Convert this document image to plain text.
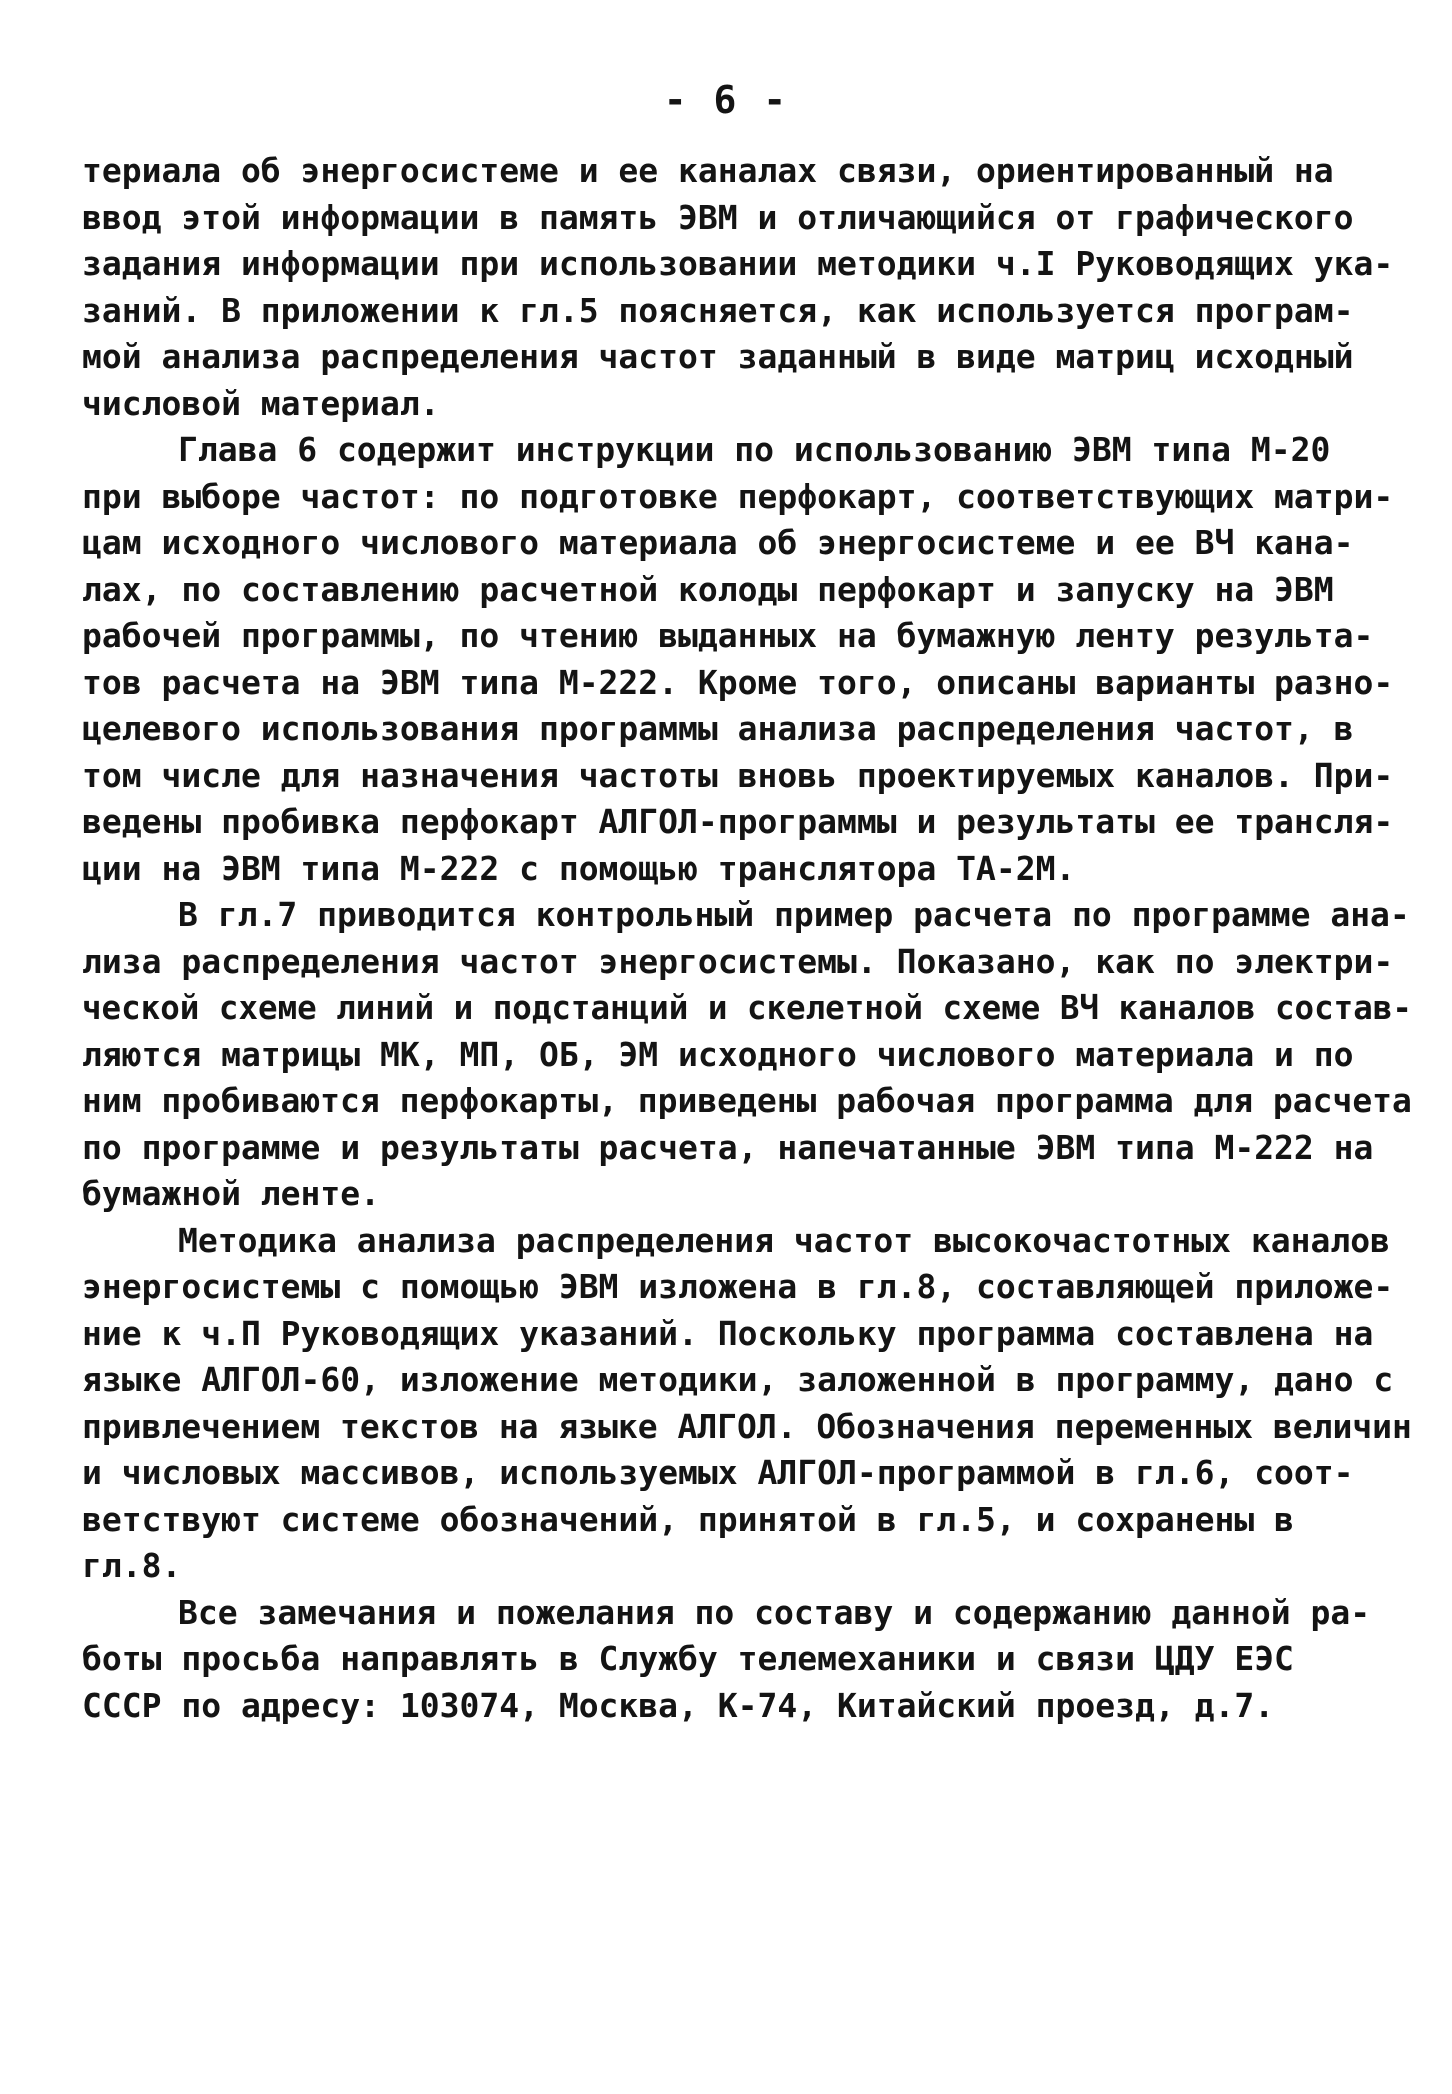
- 6 -
териала об энергосистеме и ее каналах связи, ориентированный на
ввод этой информации в память ЭВМ и отличающийся от графического
задания информации при использовании методики ч.I Руководящих ука-
заний. В приложении к гл.5 поясняется, как используется програм-
мой анализа распределения частот заданный в виде матриц исходный
числовой материал.
Глава 6 содержит инструкции по использованию ЭВМ типа М-20
при выборе частот: по подготовке перфокарт, соответствующих матри-
цам исходного числового материала об энергосистеме и ее ВЧ кана-
лах, по составлению расчетной колоды перфокарт и запуску на ЭВМ
рабочей программы, по чтению выданных на бумажную ленту результа-
тов расчета на ЭВМ типа М-222. Кроме того, описаны варианты разно-
целевого использования программы анализа распределения частот, в
том числе для назначения частоты вновь проектируемых каналов. При-
ведены пробивка перфокарт АЛГОЛ-программы и результаты ее трансля-
ции на ЭВМ типа М-222 с помощью транслятора ТА-2М.
В гл.7 приводится контрольный пример расчета по программе ана-
лиза распределения частот энергосистемы. Показано, как по электри-
ческой схеме линий и подстанций и скелетной схеме ВЧ каналов состав-
ляются матрицы МК, МП, ОБ, ЭМ исходного числового материала и по
ним пробиваются перфокарты, приведены рабочая программа для расчета
по программе и результаты расчета, напечатанные ЭВМ типа М-222 на
бумажной ленте.
Методика анализа распределения частот высокочастотных каналов
энергосистемы с помощью ЭВМ изложена в гл.8, составляющей приложе-
ние к ч.П Руководящих указаний. Поскольку программа составлена на
языке АЛГОЛ-60, изложение методики, заложенной в программу, дано с
привлечением текстов на языке АЛГОЛ. Обозначения переменных величин
и числовых массивов, используемых АЛГОЛ-программой в гл.6, соот-
ветствуют системе обозначений, принятой в гл.5, и сохранены в
гл.8.
Все замечания и пожелания по составу и содержанию данной ра-
боты просьба направлять в Службу телемеханики и связи ЦДУ ЕЭС
СССР по адресу: 103074, Москва, К-74, Китайский проезд, д.7.
